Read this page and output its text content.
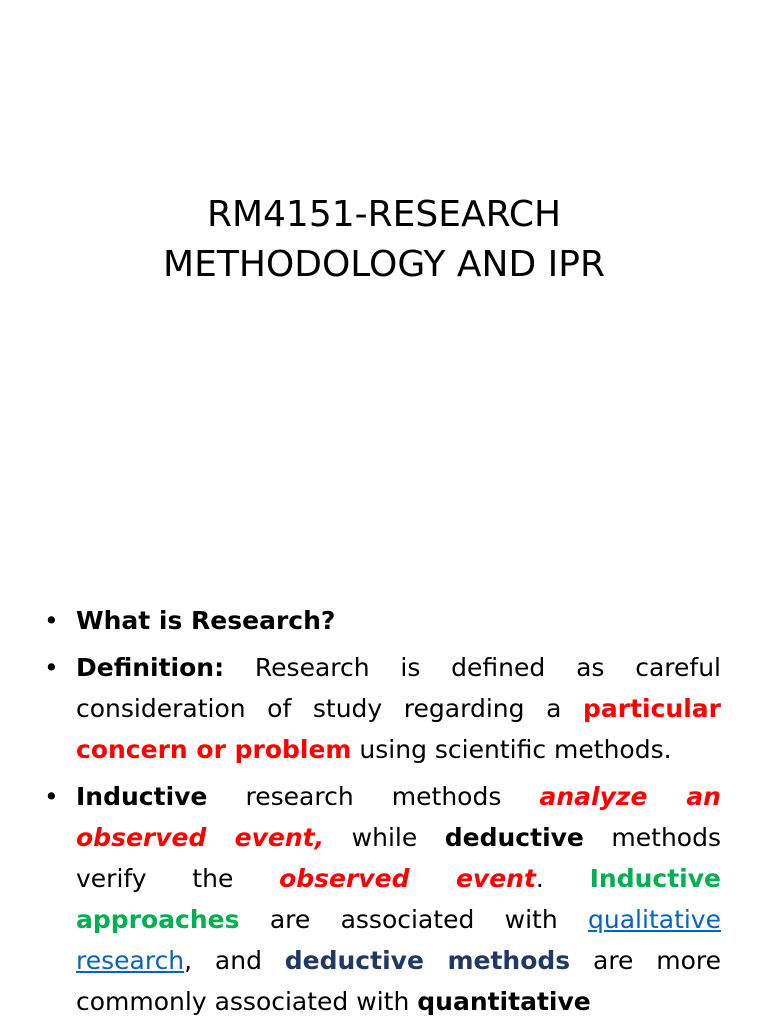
RM4151-RESEARCH
METHODOLOGY AND IPR
• What is Research?
• Definition: Research is defined as careful consideration of study regarding a particular concern or problem using scientific methods.
• Inductive research methods analyze an observed event, while deductive methods verify the observed event. Inductive approaches are associated with qualitative research, and deductive methods are more commonly associated with quantitative
